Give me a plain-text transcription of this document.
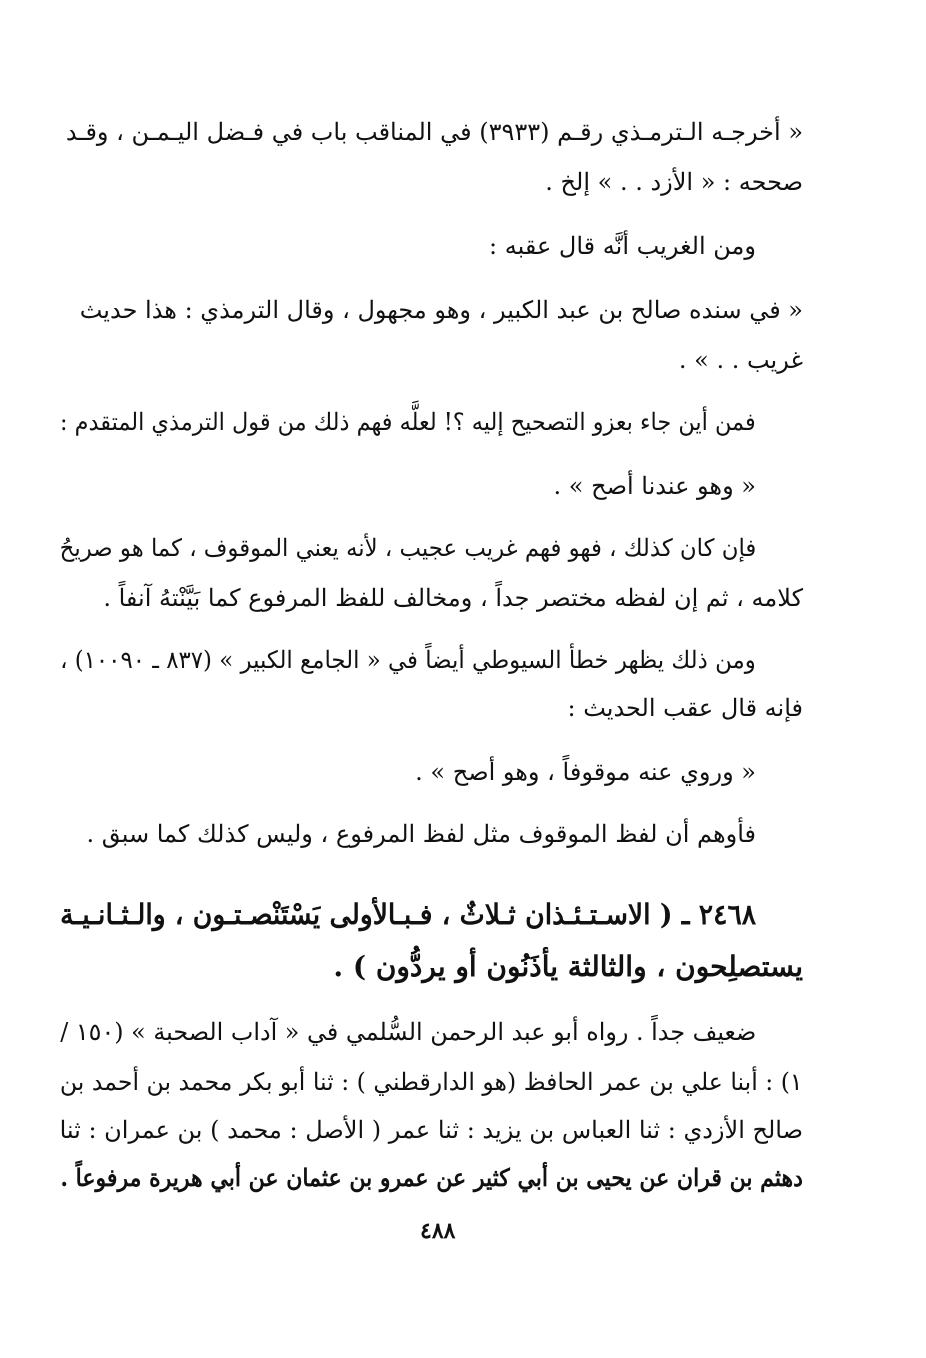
« أخرجـه الـترمـذي رقـم (٣٩٣٣) في المناقب باب في فـضل اليـمـن ، وقـد
صححه : « الأزد . . » إلخ .
ومن الغريب أنَّه قال عقبه :
« في سنده صالح بن عبد الكبير ، وهو مجهول ، وقال الترمذي : هذا حديث
غريب . . » .
فمن أين جاء بعزو التصحيح إليه ؟! لعلَّه فهم ذلك من قول الترمذي المتقدم :
« وهو عندنا أصح » .
فإن كان كذلك ، فهو فهم غريب عجيب ، لأنه يعني الموقوف ، كما هو صريحُ
كلامه ، ثم إن لفظه مختصر جداً ، ومخالف للفظ المرفوع كما بَيَّنْتهُ آنفاً .
ومن ذلك يظهر خطأ السيوطي أيضاً في « الجامع الكبير » (٨٣٧ ـ ١٠٠٩٠) ،
فإنه قال عقب الحديث :
« وروي عنه موقوفاً ، وهو أصح » .
فأوهم أن لفظ الموقوف مثل لفظ المرفوع ، وليس كذلك كما سبق .
٢٤٦٨ ـ ( الاسـتـئـذان ثـلاثٌ ، فـبـالأولى يَسْتَنْصـتـون ، والـثـانـيـة
يستصلِحون ، والثالثة يأذَنُون أو يردُّون ) .
ضعيف جداً . رواه أبو عبد الرحمن السُّلمي في « آداب الصحبة » (١٥٠ /
١) : أبنا علي بن عمر الحافظ (هو الدارقطني ) : ثنا أبو بكر محمد بن أحمد بن
صالح الأزدي : ثنا العباس بن يزيد : ثنا عمر ( الأصل : محمد ) بن عمران : ثنا
دهثم بن قران عن يحيى بن أبي كثير عن عمرو بن عثمان عن أبي هريرة مرفوعاً .
٤٨٨
